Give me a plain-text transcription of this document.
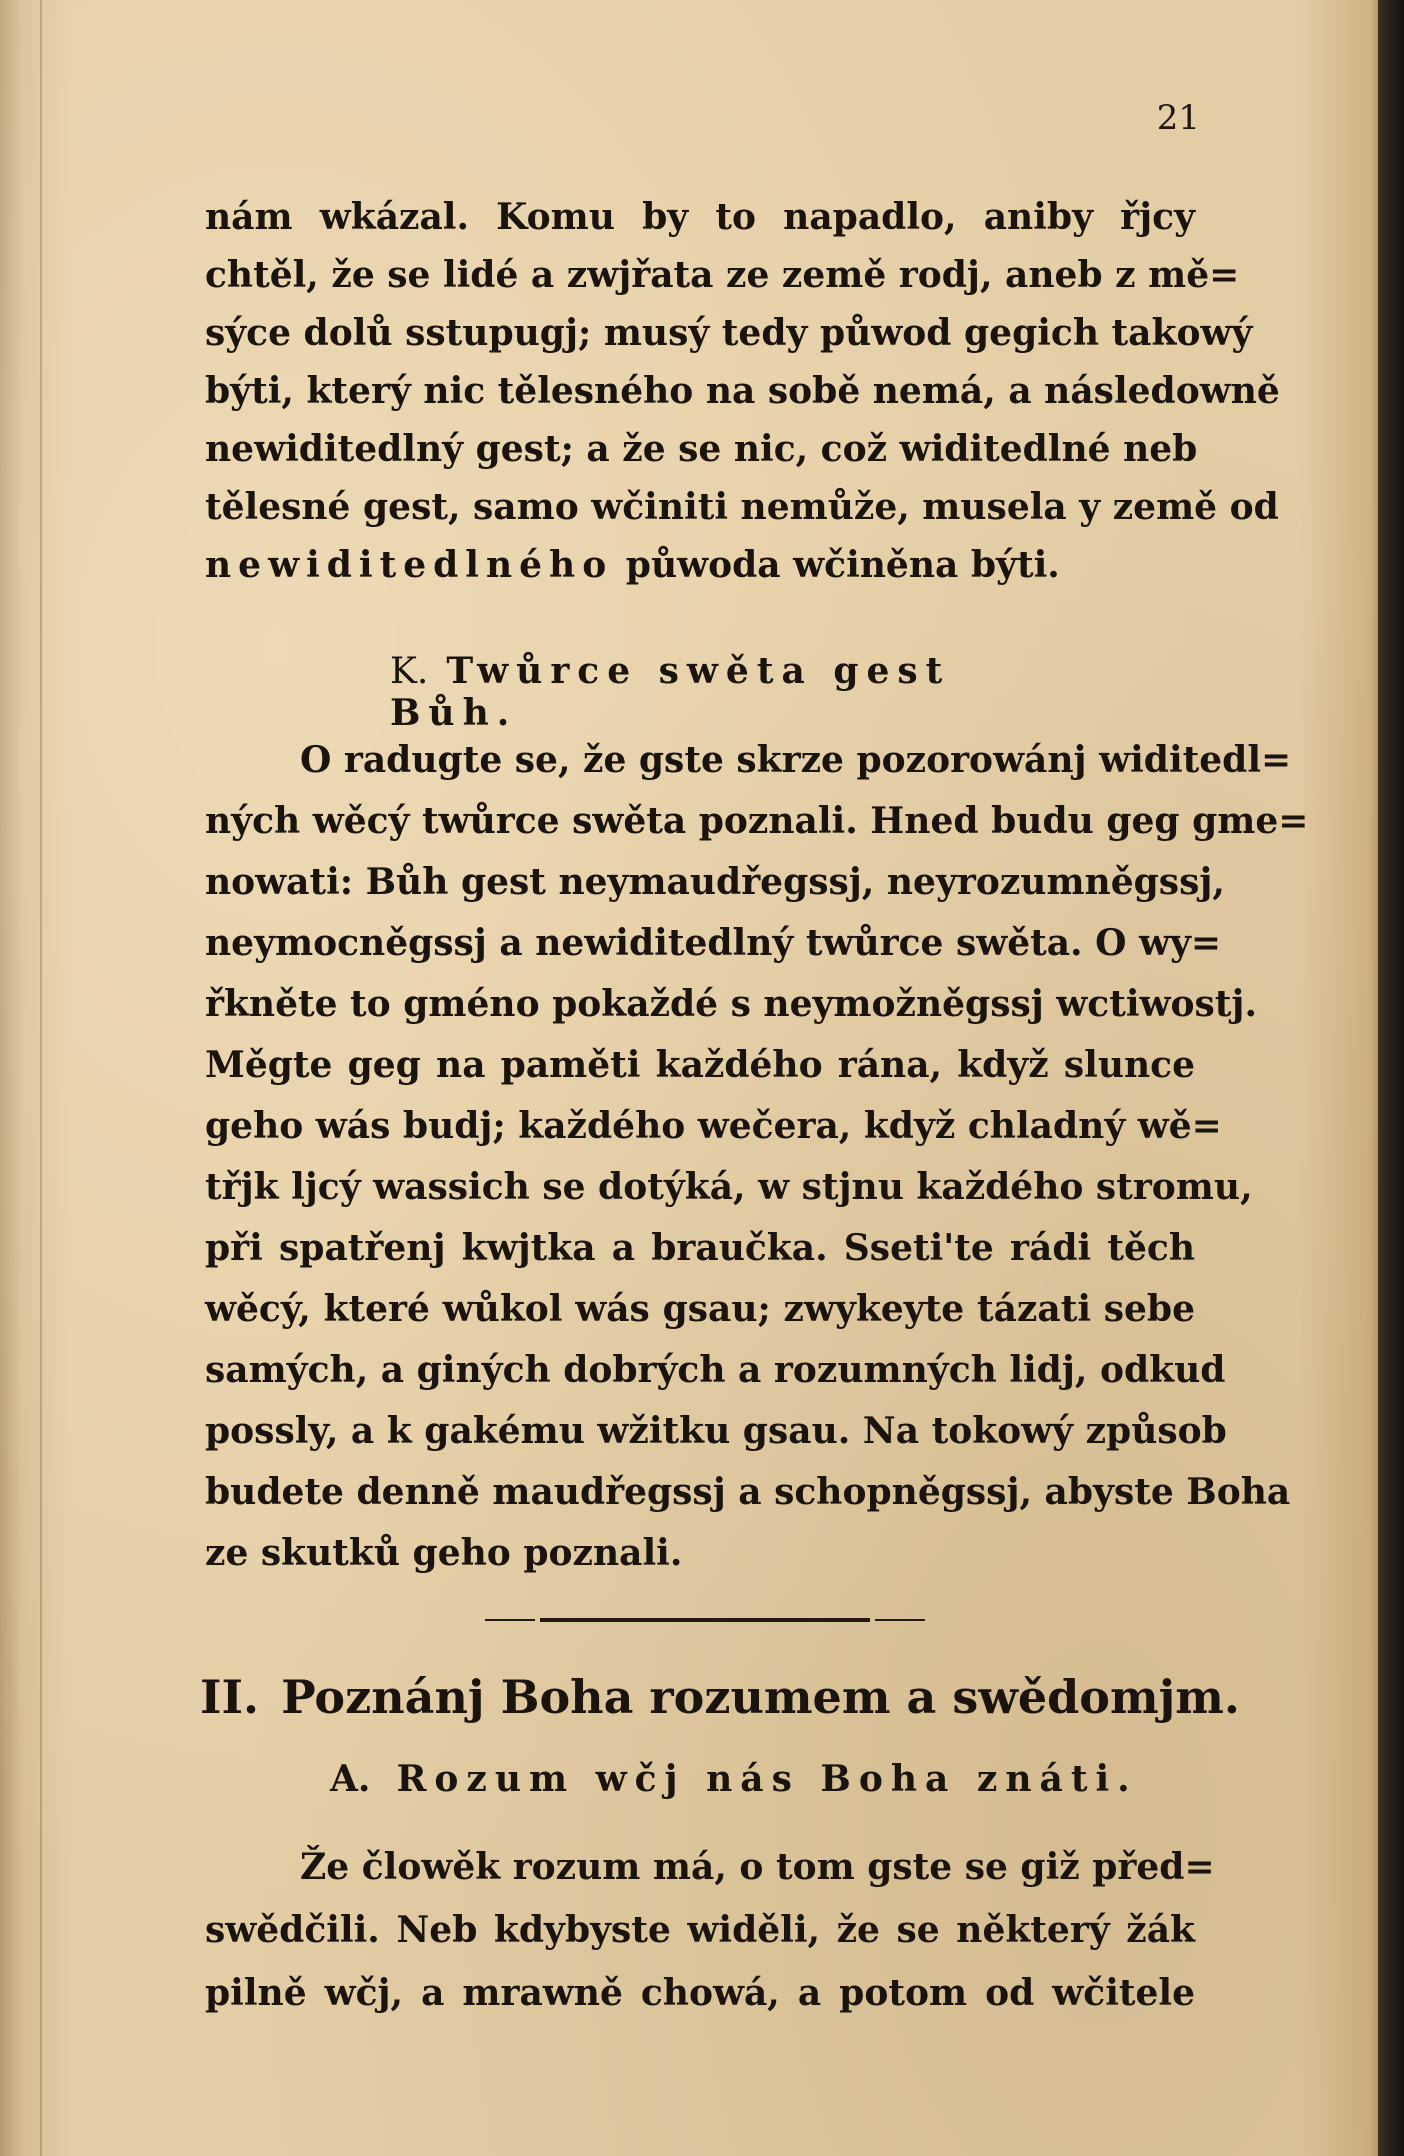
21
nám wkázal. Komu by to napadlo, aniby řjcy
chtěl, že se lidé a zwjřata ze země rodj, aneb z mě=
sýce dolů sstupugj; musý tedy půwod gegich takowý
býti, který nic tělesného na sobě nemá, a následowně
newiditedlný gest; a že se nic, což widitedlné neb
tělesné gest, samo wčiniti nemůže, musela y země od
newiditedlného půwoda wčiněna býti.
K. Twůrce swěta gest Bůh.
O radugte se, že gste skrze pozorowánj widitedl=
ných wěcý twůrce swěta poznali. Hned budu geg gme=
nowati: Bůh gest neymaudřegssj, neyrozumněgssj,
neymocněgssj a newiditedlný twůrce swěta. O wy=
řkněte to gméno pokaždé s neymožněgssj wctiwostj.
Měgte geg na paměti každého rána, když slunce
geho wás budj; každého wečera, když chladný wě=
třjk ljcý wassich se dotýká, w stjnu každého stromu,
při spatřenj kwjtka a braučka. Sseti'te rádi těch
wěcý, které wůkol wás gsau; zwykeyte tázati sebe
samých, a giných dobrých a rozumných lidj, odkud
possly, a k gakému wžitku gsau. Na tokowý způsob
budete denně maudřegssj a schopněgssj, abyste Boha
ze skutků geho poznali.
II. Poznánj Boha rozumem a swědomjm.
A. Rozum wčj nás Boha znáti.
Že člowěk rozum má, o tom gste se giž před=
swědčili. Neb kdybyste widěli, že se některý žák
pilně wčj, a mrawně chowá, a potom od wčitele
